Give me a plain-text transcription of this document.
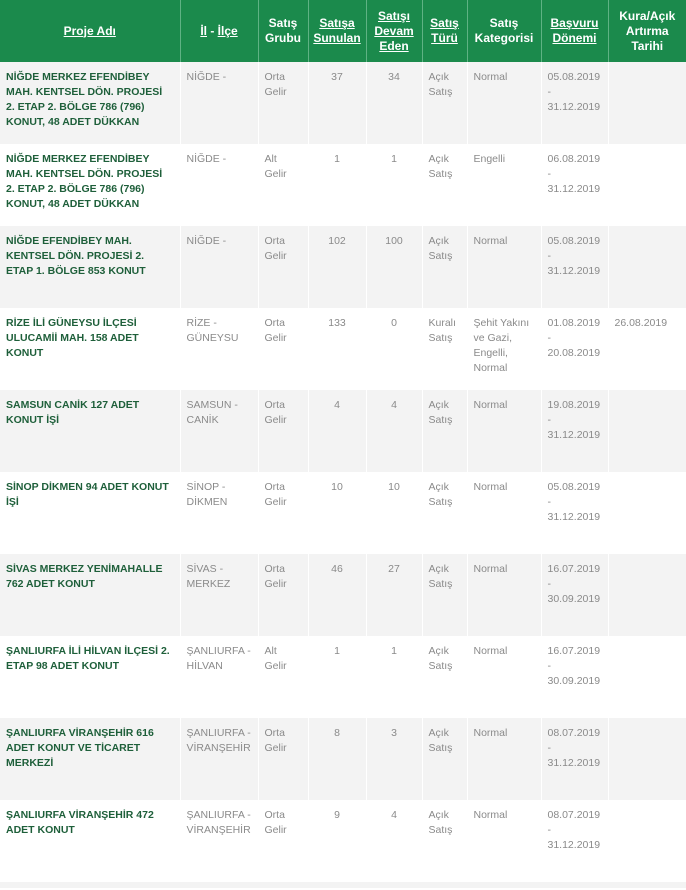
Proje Adı	İl - İlçe	Satış Grubu	Satışa Sunulan	Satışı Devam Eden	Satış Türü	Satış Kategorisi	Başvuru Dönemi	Kura/Açık Artırma Tarihi
NİĞDE MERKEZ EFENDİBEY MAH. KENTSEL DÖN. PROJESİ 2. ETAP 2. BÖLGE 786 (796) KONUT, 48 ADET DÜKKAN	NİĞDE -	Orta Gelir	37	34	Açık Satış	Normal	05.08.2019 - 31.12.2019	
NİĞDE MERKEZ EFENDİBEY MAH. KENTSEL DÖN. PROJESİ 2. ETAP 2. BÖLGE 786 (796) KONUT, 48 ADET DÜKKAN	NİĞDE -	Alt Gelir	1	1	Açık Satış	Engelli	06.08.2019 - 31.12.2019	
NİĞDE EFENDİBEY MAH. KENTSEL DÖN. PROJESİ 2. ETAP 1. BÖLGE 853 KONUT	NİĞDE -	Orta Gelir	102	100	Açık Satış	Normal	05.08.2019 - 31.12.2019	
RİZE İLİ GÜNEYSU İLÇESİ ULUCAMİİ MAH. 158 ADET KONUT	RİZE - GÜNEYSU	Orta Gelir	133	0	Kuralı Satış	Şehit Yakını ve Gazi, Engelli, Normal	01.08.2019 - 20.08.2019	26.08.2019
SAMSUN CANİK 127 ADET KONUT İŞİ	SAMSUN - CANİK	Orta Gelir	4	4	Açık Satış	Normal	19.08.2019 - 31.12.2019	
SİNOP DİKMEN 94 ADET KONUT İŞİ	SİNOP - DİKMEN	Orta Gelir	10	10	Açık Satış	Normal	05.08.2019 - 31.12.2019	
SİVAS MERKEZ YENİMAHALLE 762 ADET KONUT	SİVAS - MERKEZ	Orta Gelir	46	27	Açık Satış	Normal	16.07.2019 - 30.09.2019	
ŞANLIURFA İLİ HİLVAN İLÇESİ 2. ETAP 98 ADET KONUT	ŞANLIURFA - HİLVAN	Alt Gelir	1	1	Açık Satış	Normal	16.07.2019 - 30.09.2019	
ŞANLIURFA VİRANŞEHİR 616 ADET KONUT VE TİCARET MERKEZİ	ŞANLIURFA - VİRANŞEHİR	Orta Gelir	8	3	Açık Satış	Normal	08.07.2019 - 31.12.2019	
ŞANLIURFA VİRANŞEHİR 472 ADET KONUT	ŞANLIURFA - VİRANŞEHİR	Orta Gelir	9	4	Açık Satış	Normal	08.07.2019 - 31.12.2019	
